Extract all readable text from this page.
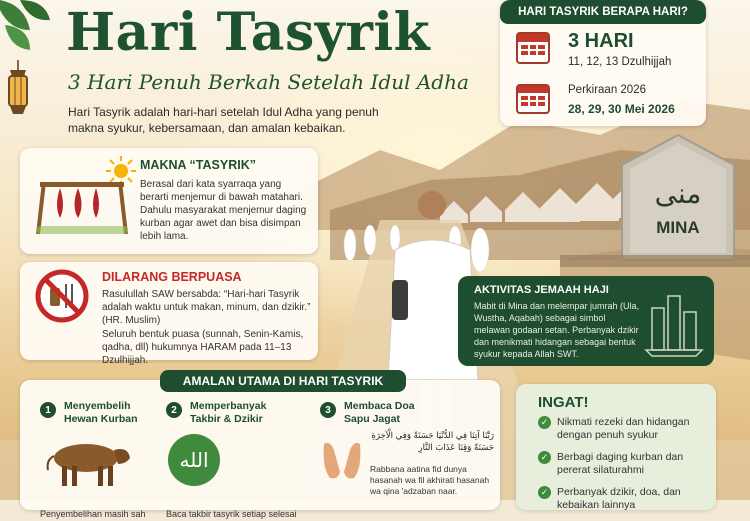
منى
MINA
Hari Tasyrik
3 Hari Penuh Berkah Setelah Idul Adha
Hari Tasyrik adalah hari-hari setelah Idul Adha yang penuh makna syukur, kebersamaan, dan amalan kebaikan.
HARI TASYRIK BERAPA HARI?
3 HARI
11, 12, 13 Dzulhijjah
Perkiraan 2026
28, 29, 30 Mei 2026
MAKNA “TASYRIK”
Berasal dari kata syarraqa yang berarti menjemur di bawah matahari. Dahulu masyarakat menjemur daging kurban agar awet dan bisa disimpan lebih lama.
DILARANG BERPUASA
Rasulullah SAW bersabda: “Hari-hari Tasyrik adalah waktu untuk makan, minum, dan dzikir.” (HR. Muslim)
Seluruh bentuk puasa (sunnah, Senin-Kamis, qadha, dll) hukumnya HARAM pada 11–13 Dzulhijjah.
AKTIVITAS JEMAAH HAJI
Mabit di Mina dan melempar jumrah (Ula, Wustha, Aqabah) sebagai simbol melawan godaan setan. Perbanyak dzikir dan menikmati hidangan sebagai bentuk syukur kepada Allah SWT.
AMALAN UTAMA DI HARI TASYRIK
1	Menyembelih Hewan Kurban
Penyembelihan masih sah
2	Memperbanyak Takbir & Dzikir
الله
Baca takbir tasyrik setiap selesai
3	Membaca Doa Sapu Jagat
رَبَّنَا آتِنَا فِي الدُّنْيَا حَسَنَةً وَفِي الْآخِرَةِ حَسَنَةً وَقِنَا عَذَابَ النَّارِ
Rabbana aatina fid dunya hasanah wa fil akhirati hasanah wa qina 'adzaban naar.
INGAT!
✓ Nikmati rezeki dan hidangan dengan penuh syukur
✓ Berbagi daging kurban dan pererat silaturahmi
✓ Perbanyak dzikir, doa, dan kebaikan lainnya
